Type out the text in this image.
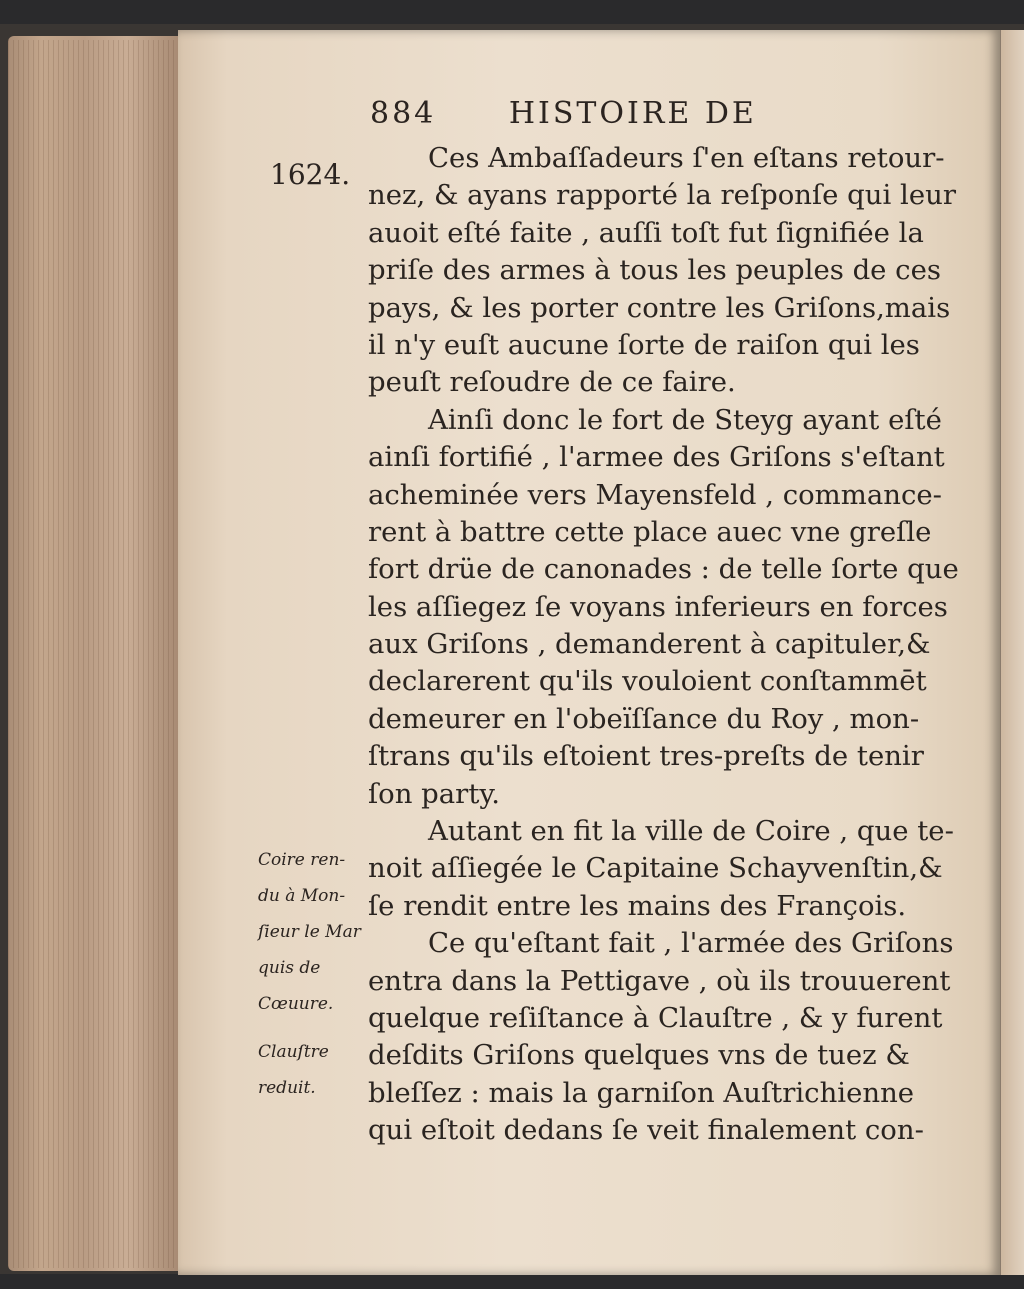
884 HISTOIRE DE
1624.	Ces Ambaſſadeurs ſ'en eſtans retour-
nez, & ayans rapporté la reſponſe qui leur
auoit eſté faite , auſſi toſt fut ſignifiée la
priſe des armes à tous les peuples de ces
pays, & les porter contre les Griſons,mais
il n'y euſt aucune ſorte de raiſon qui les
peuſt reſoudre de ce faire.
Ainſi donc le fort de Steyg ayant eſté
ainſi fortifié , l'armee des Griſons s'eſtant
acheminée vers Mayensfeld , commance-
rent à battre cette place auec vne greſle
fort drüe de canonades : de telle ſorte que
les aſſiegez ſe voyans inferieurs en forces
aux Griſons , demanderent à capituler,&
declarerent qu'ils vouloient conſtammēt
demeurer en l'obeïſſance du Roy , mon-
ſtrans qu'ils eſtoient tres-preſts de tenir
ſon party.
Autant en fit la ville de Coire , que te-
noit aſſiegée le Capitaine Schayvenſtin,&
ſe rendit entre les mains des François.
Ce qu'eſtant fait , l'armée des Griſons
entra dans la Pettigave , où ils trouuerent
quelque reſiſtance à Clauſtre , & y furent
deſdits Griſons quelques vns de tuez &
bleſſez : mais la garniſon Auſtrichienne
qui eſtoit dedans ſe veit finalement con-
Coire ren-
du à Mon-
ſieur le Mar
quis de
Cœuure.
Clauſtre
reduit.
